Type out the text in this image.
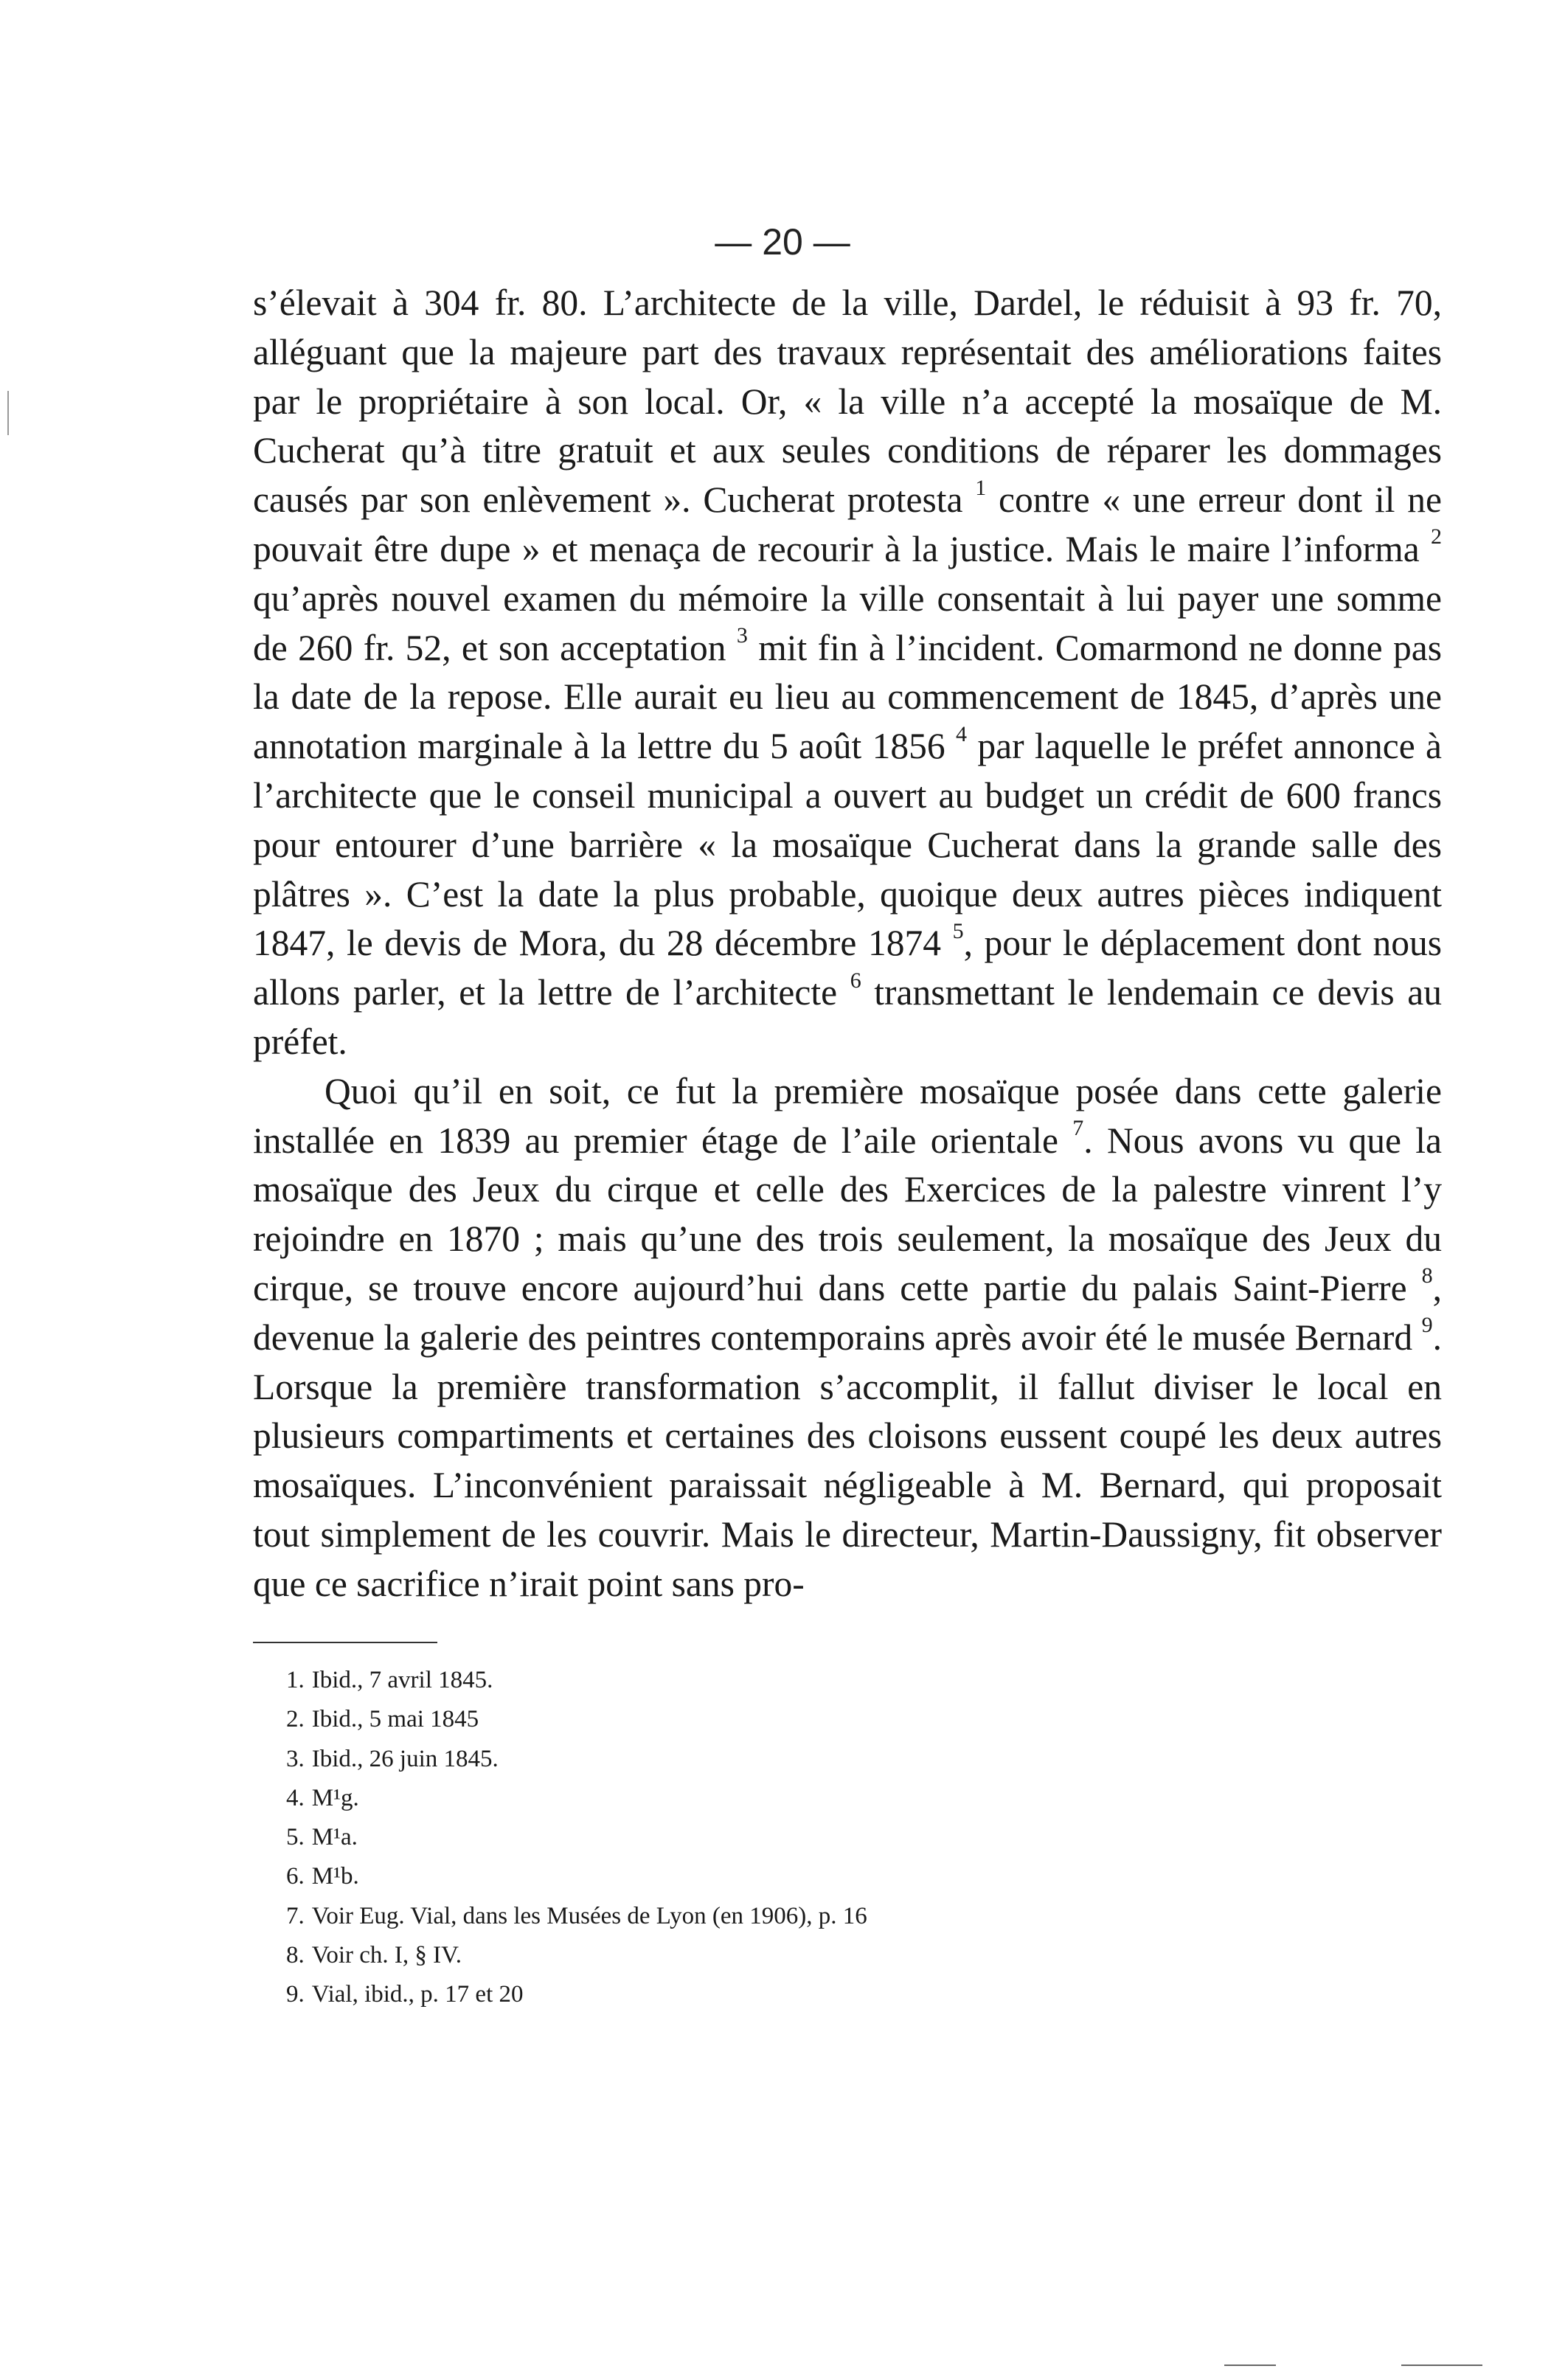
— 20 —

s’élevait à 304 fr. 80. L’architecte de la ville, Dardel, le réduisit à 93 fr. 70, alléguant que la majeure part des travaux représentait des améliorations faites par le propriétaire à son local. Or, « la ville n’a accepté la mosaïque de M. Cucherat qu’à titre gratuit et aux seules conditions de réparer les dommages causés par son enlèvement ». Cucherat protesta $^1$ contre « une erreur dont il ne pouvait être dupe » et menaça de recourir à la justice. Mais le maire l’informa $^2$ qu’après nouvel examen du mémoire la ville consentait à lui payer une somme de 260 fr. 52, et son acceptation $^3$ mit fin à l’incident. Comarmond ne donne pas la date de la repose. Elle aurait eu lieu au commencement de 1845, d’après une annotation marginale à la lettre du 5 août 1856 $^4$ par laquelle le préfet annonce à l’architecte que le conseil municipal a ouvert au budget un crédit de 600 francs pour entourer d’une barrière « la mosaïque Cucherat dans la grande salle des plâtres ». C’est la date la plus probable, quoique deux autres pièces indiquent 1847, le devis de Mora, du 28 décembre 1874 $^5$, pour le déplacement dont nous allons parler, et la lettre de l’architecte $^6$ transmettant le lendemain ce devis au préfet.

Quoi qu’il en soit, ce fut la première mosaïque posée dans cette galerie installée en 1839 au premier étage de l’aile orientale $^7$. Nous avons vu que la mosaïque des Jeux du cirque et celle des Exercices de la palestre vinrent l’y rejoindre en 1870 ; mais qu’une des trois seulement, la mosaïque des Jeux du cirque, se trouve encore aujourd’hui dans cette partie du palais Saint-Pierre $^8$, devenue la galerie des peintres contemporains après avoir été le musée Bernard $^9$. Lorsque la première transformation s’accomplit, il fallut diviser le local en plusieurs compartiments et certaines des cloisons eussent coupé les deux autres mosaïques. L’inconvénient paraissait négligeable à M. Bernard, qui proposait tout simplement de les couvrir. Mais le directeur, Martin-Daussigny, fit observer que ce sacrifice n’irait point sans pro-

1. Ibid., 7 avril 1845.
2. Ibid., 5 mai 1845
3. Ibid., 26 juin 1845.
4. M¹g.
5. M¹a.
6. M¹b.
7. Voir Eug. Vial, dans les Musées de Lyon (en 1906), p. 16
8. Voir ch. I, § IV.
9. Vial, ibid., p. 17 et 20
